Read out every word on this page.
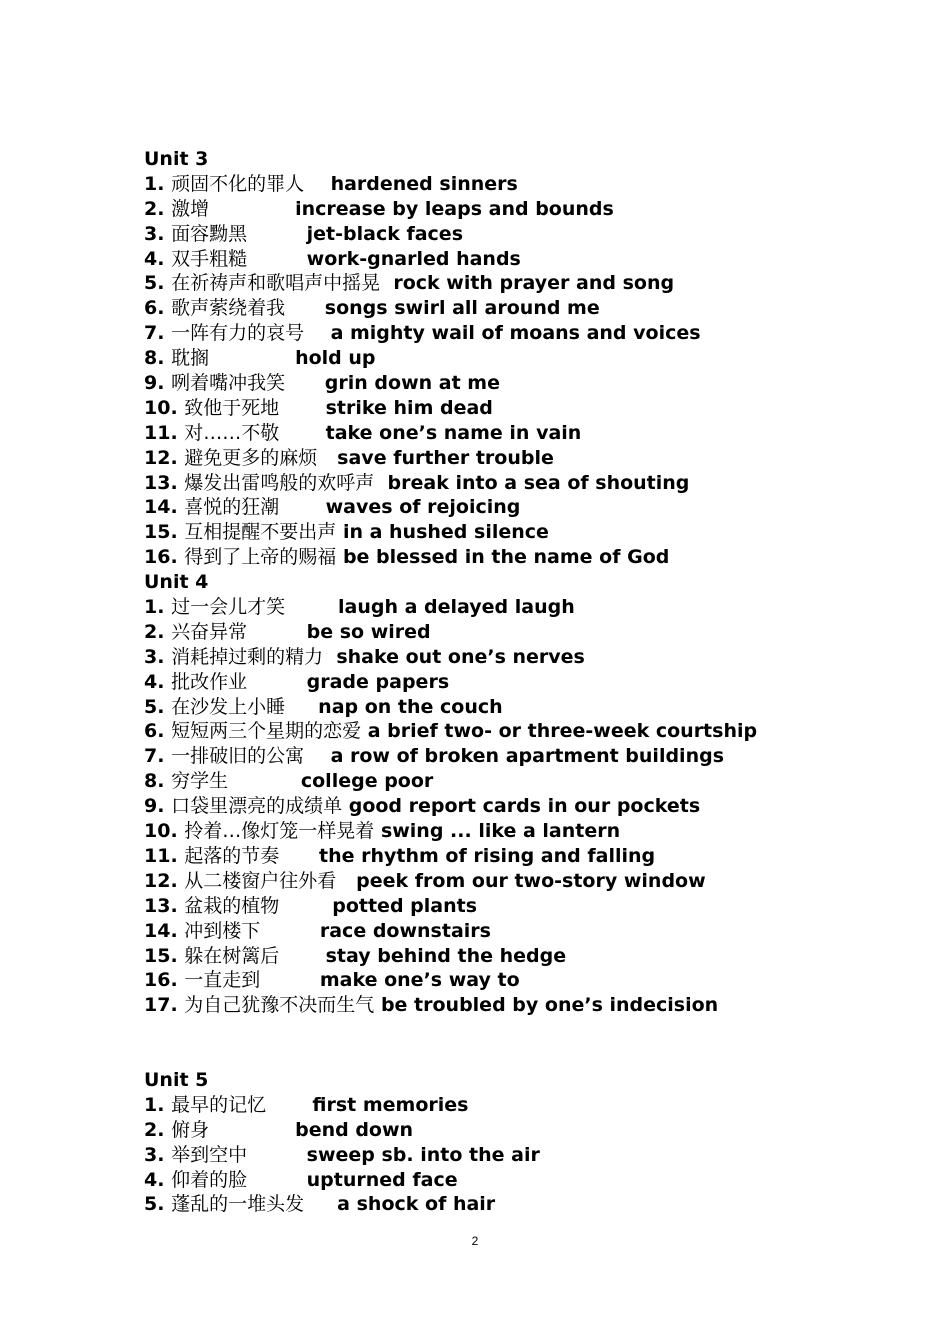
Unit 3
1. 顽固不化的罪人 hardened sinners
2. 激增	increase by leaps and bounds
3. 面容黝黑	jet-black faces
4. 双手粗糙	work-gnarled hands
5. 在祈祷声和歌唱声中摇晃 rock with prayer and song
6. 歌声萦绕着我 songs swirl all around me
7. 一阵有力的哀号 a mighty wail of moans and voices
8. 耽搁	hold up
9. 咧着嘴冲我笑 grin down at me
10. 致他于死地 strike him dead
11. 对……不敬 take one’s name in vain
12. 避免更多的麻烦 save further trouble
13. 爆发出雷鸣般的欢呼声 break into a sea of shouting
14. 喜悦的狂潮 waves of rejoicing
15. 互相提醒不要出声 in a hushed silence
16. 得到了上帝的赐福 be blessed in the name of God
Unit 4
1. 过一会儿才笑	laugh a delayed laugh
2. 兴奋异常	be so wired
3. 消耗掉过剩的精力 shake out one’s nerves
4. 批改作业	grade papers
5. 在沙发上小睡 nap on the couch
6. 短短两三个星期的恋爱 a brief two- or three-week courtship
7. 一排破旧的公寓 a row of broken apartment buildings
8. 穷学生	college poor
9. 口袋里漂亮的成绩单 good report cards in our pockets
10. 拎着…像灯笼一样晃着 swing ... like a lantern
11. 起落的节奏 the rhythm of rising and falling
12. 从二楼窗户往外看 peek from our two-story window
13. 盆栽的植物	potted plants
14. 冲到楼下	race downstairs
15. 躲在树篱后 stay behind the hedge
16. 一直走到	make one’s way to
17. 为自己犹豫不决而生气 be troubled by one’s indecision
Unit 5
1. 最早的记忆 first memories
2. 俯身	bend down
3. 举到空中	sweep sb. into the air
4. 仰着的脸	upturned face
5. 蓬乱的一堆头发 a shock of hair
2
